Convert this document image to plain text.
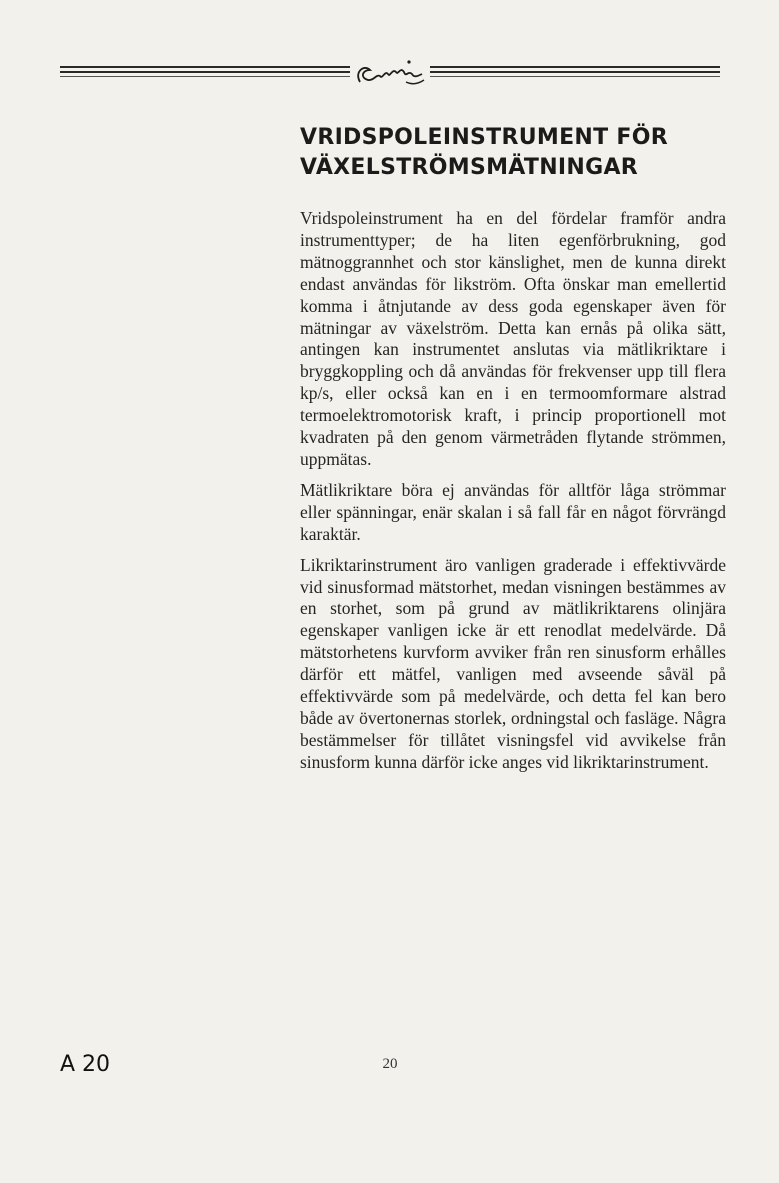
VRIDSPOLEINSTRUMENT FÖR
VÄXELSTRÖMSMÄTNINGAR

Vridspoleinstrument ha en del fördelar framför andra instrumenttyper; de ha liten egenförbrukning, god mätnoggrannhet och stor känslighet, men de kunna direkt endast användas för likström. Ofta önskar man emellertid komma i åtnjutande av dess goda egenskaper även för mätningar av växelström. Detta kan ernås på olika sätt, antingen kan instrumentet anslutas via mätlikriktare i bryggkoppling och då användas för frekvenser upp till flera kp/s, eller också kan en i en termoomformare alstrad termoelektromotorisk kraft, i princip proportionell mot kvadraten på den genom värmetråden flytande strömmen, uppmätas.

Mätlikriktare böra ej användas för alltför låga strömmar eller spänningar, enär skalan i så fall får en något förvrängd karaktär.

Likriktarinstrument äro vanligen graderade i effektivvärde vid sinusformad mätstorhet, medan visningen bestämmes av en storhet, som på grund av mätlikriktarens olinjära egenskaper vanligen icke är ett renodlat medelvärde. Då mätstorhetens kurvform avviker från ren sinusform erhålles därför ett mätfel, vanligen med avseende såväl på effektivvärde som på medelvärde, och detta fel kan bero både av övertonernas storlek, ordningstal och fasläge. Några bestämmelser för tillåtet visningsfel vid avvikelse från sinusform kunna därför icke anges vid likriktarinstrument.

A 20	20
